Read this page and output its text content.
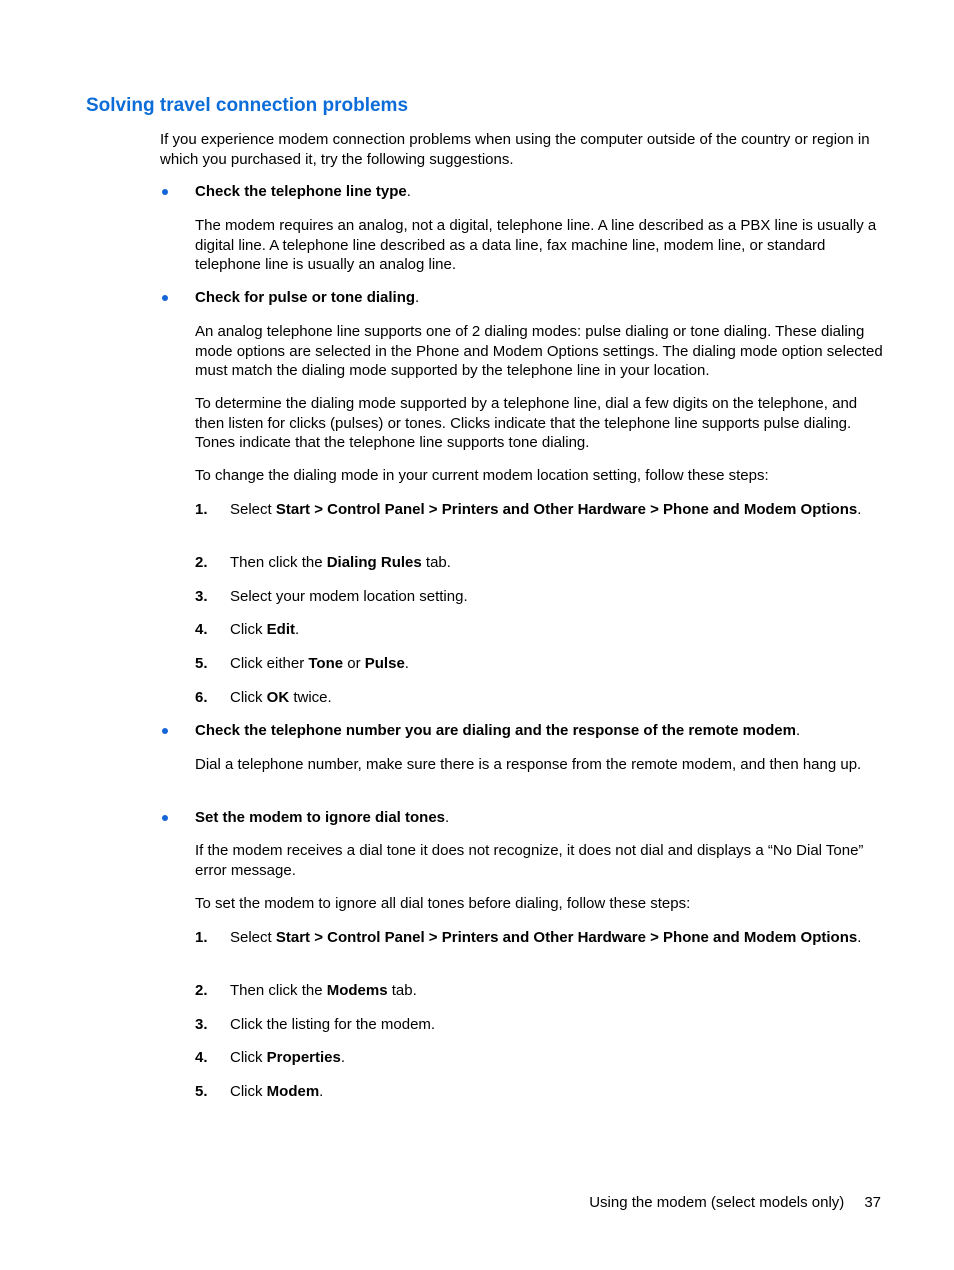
Solving travel connection problems

If you experience modem connection problems when using the computer outside of the country or region in which you purchased it, try the following suggestions.

Check the telephone line type.

The modem requires an analog, not a digital, telephone line. A line described as a PBX line is usually a digital line. A telephone line described as a data line, fax machine line, modem line, or standard telephone line is usually an analog line.

Check for pulse or tone dialing.

An analog telephone line supports one of 2 dialing modes: pulse dialing or tone dialing. These dialing mode options are selected in the Phone and Modem Options settings. The dialing mode option selected must match the dialing mode supported by the telephone line in your location.

To determine the dialing mode supported by a telephone line, dial a few digits on the telephone, and then listen for clicks (pulses) or tones. Clicks indicate that the telephone line supports pulse dialing. Tones indicate that the telephone line supports tone dialing.

To change the dialing mode in your current modem location setting, follow these steps:

1. Select Start > Control Panel > Printers and Other Hardware > Phone and Modem Options.
2. Then click the Dialing Rules tab.
3. Select your modem location setting.
4. Click Edit.
5. Click either Tone or Pulse.
6. Click OK twice.
Check the telephone number you are dialing and the response of the remote modem.

Dial a telephone number, make sure there is a response from the remote modem, and then hang up.

Set the modem to ignore dial tones.

If the modem receives a dial tone it does not recognize, it does not dial and displays a “No Dial Tone” error message.

To set the modem to ignore all dial tones before dialing, follow these steps:

1. Select Start > Control Panel > Printers and Other Hardware > Phone and Modem Options.
2. Then click the Modems tab.
3. Click the listing for the modem.
4. Click Properties.
5. Click Modem.

Using the modem (select models only) 37
